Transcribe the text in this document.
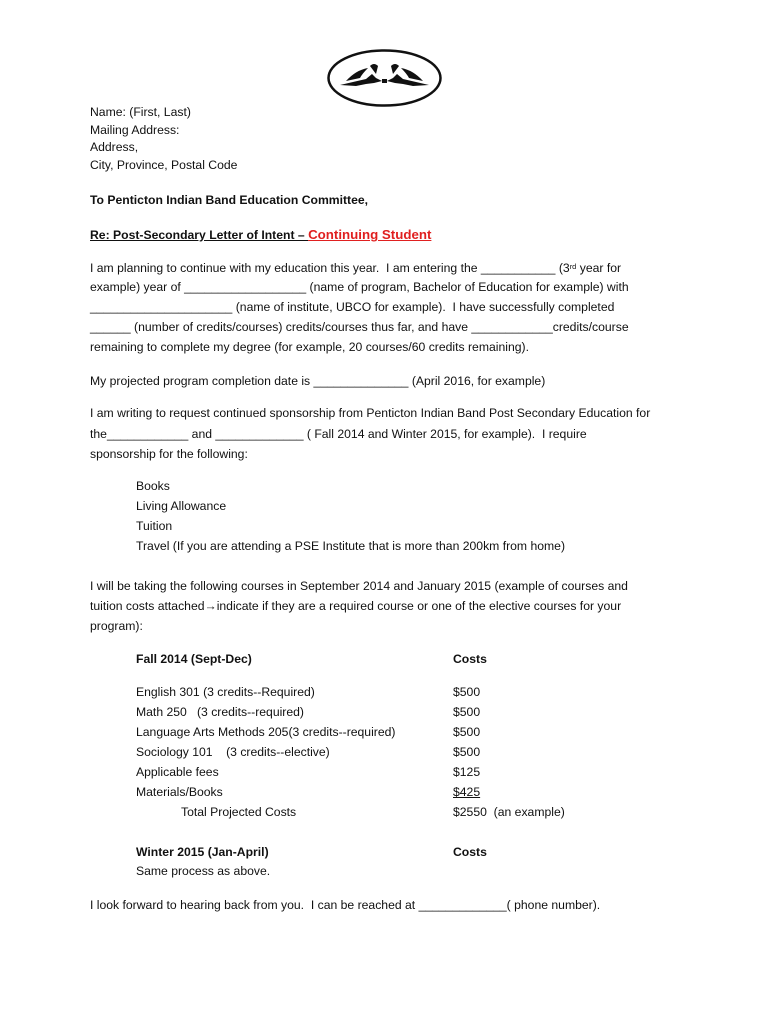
Name: (First, Last)
Mailing Address:
Address,
City, Province, Postal Code
To Penticton Indian Band Education Committee,
Re: Post-Secondary Letter of Intent – Continuing Student
I am planning to continue with my education this year.  I am entering the ___________ (3rd year for
example) year of __________________ (name of program, Bachelor of Education for example) with
_____________________ (name of institute, UBCO for example).  I have successfully completed
______ (number of credits/courses) credits/courses thus far, and have ____________credits/course
remaining to complete my degree (for example, 20 courses/60 credits remaining).
My projected program completion date is ______________ (April 2016, for example)
I am writing to request continued sponsorship from Penticton Indian Band Post Secondary Education for
the____________ and _____________ ( Fall 2014 and Winter 2015, for example).  I require
sponsorship for the following:
Books
Living Allowance
Tuition
Travel (If you are attending a PSE Institute that is more than 200km from home)
I will be taking the following courses in September 2014 and January 2015 (example of courses and
tuition costs attached→indicate if they are a required course or one of the elective courses for your
program):
Fall 2014 (Sept-Dec)	Costs
English 301 (3 credits--Required)	$500
Math 250   (3 credits--required)	$500
Language Arts Methods 205(3 credits--required)	$500
Sociology 101    (3 credits--elective)	$500
Applicable fees	$125
Materials/Books	$425
Total Projected Costs	$2550  (an example)
Winter 2015 (Jan-April)	Costs
Same process as above.
I look forward to hearing back from you.  I can be reached at _____________( phone number).
